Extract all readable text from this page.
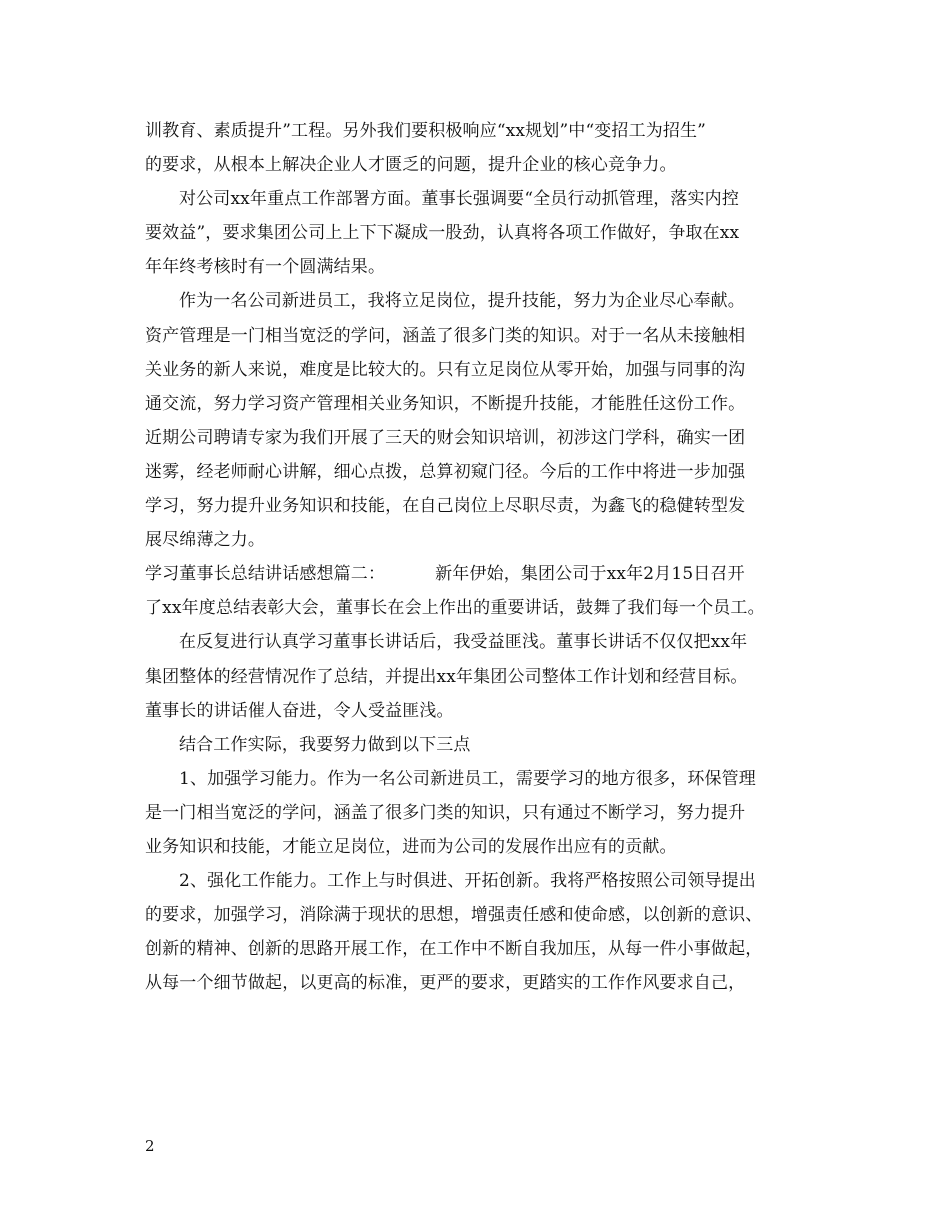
训教育、素质提升”工程。另外我们要积极响应“xx规划”中“变招工为招生”
的要求，从根本上解决企业人才匮乏的问题，提升企业的核心竞争力。
对公司xx年重点工作部署方面。董事长强调要“全员行动抓管理，落实内控
要效益”，要求集团公司上上下下凝成一股劲，认真将各项工作做好，争取在xx
年年终考核时有一个圆满结果。
作为一名公司新进员工，我将立足岗位，提升技能，努力为企业尽心奉献。
资产管理是一门相当宽泛的学问，涵盖了很多门类的知识。对于一名从未接触相
关业务的新人来说，难度是比较大的。只有立足岗位从零开始，加强与同事的沟
通交流，努力学习资产管理相关业务知识，不断提升技能，才能胜任这份工作。
近期公司聘请专家为我们开展了三天的财会知识培训，初涉这门学科，确实一团
迷雾，经老师耐心讲解，细心点拨，总算初窥门径。今后的工作中将进一步加强
学习，努力提升业务知识和技能，在自己岗位上尽职尽责，为鑫飞的稳健转型发
展尽绵薄之力。
学习董事长总结讲话感想篇二：	新年伊始，集团公司于xx年2月15日召开
了xx年度总结表彰大会，董事长在会上作出的重要讲话，鼓舞了我们每一个员工。
在反复进行认真学习董事长讲话后，我受益匪浅。董事长讲话不仅仅把xx年
集团整体的经营情况作了总结，并提出xx年集团公司整体工作计划和经营目标。
董事长的讲话催人奋进，令人受益匪浅。
结合工作实际，我要努力做到以下三点
1、加强学习能力。作为一名公司新进员工，需要学习的地方很多，环保管理
是一门相当宽泛的学问，涵盖了很多门类的知识，只有通过不断学习，努力提升
业务知识和技能，才能立足岗位，进而为公司的发展作出应有的贡献。
2、强化工作能力。工作上与时俱进、开拓创新。我将严格按照公司领导提出
的要求，加强学习，消除满于现状的思想，增强责任感和使命感，以创新的意识、
创新的精神、创新的思路开展工作，在工作中不断自我加压，从每一件小事做起，
从每一个细节做起，以更高的标准，更严的要求，更踏实的工作作风要求自己，
2
